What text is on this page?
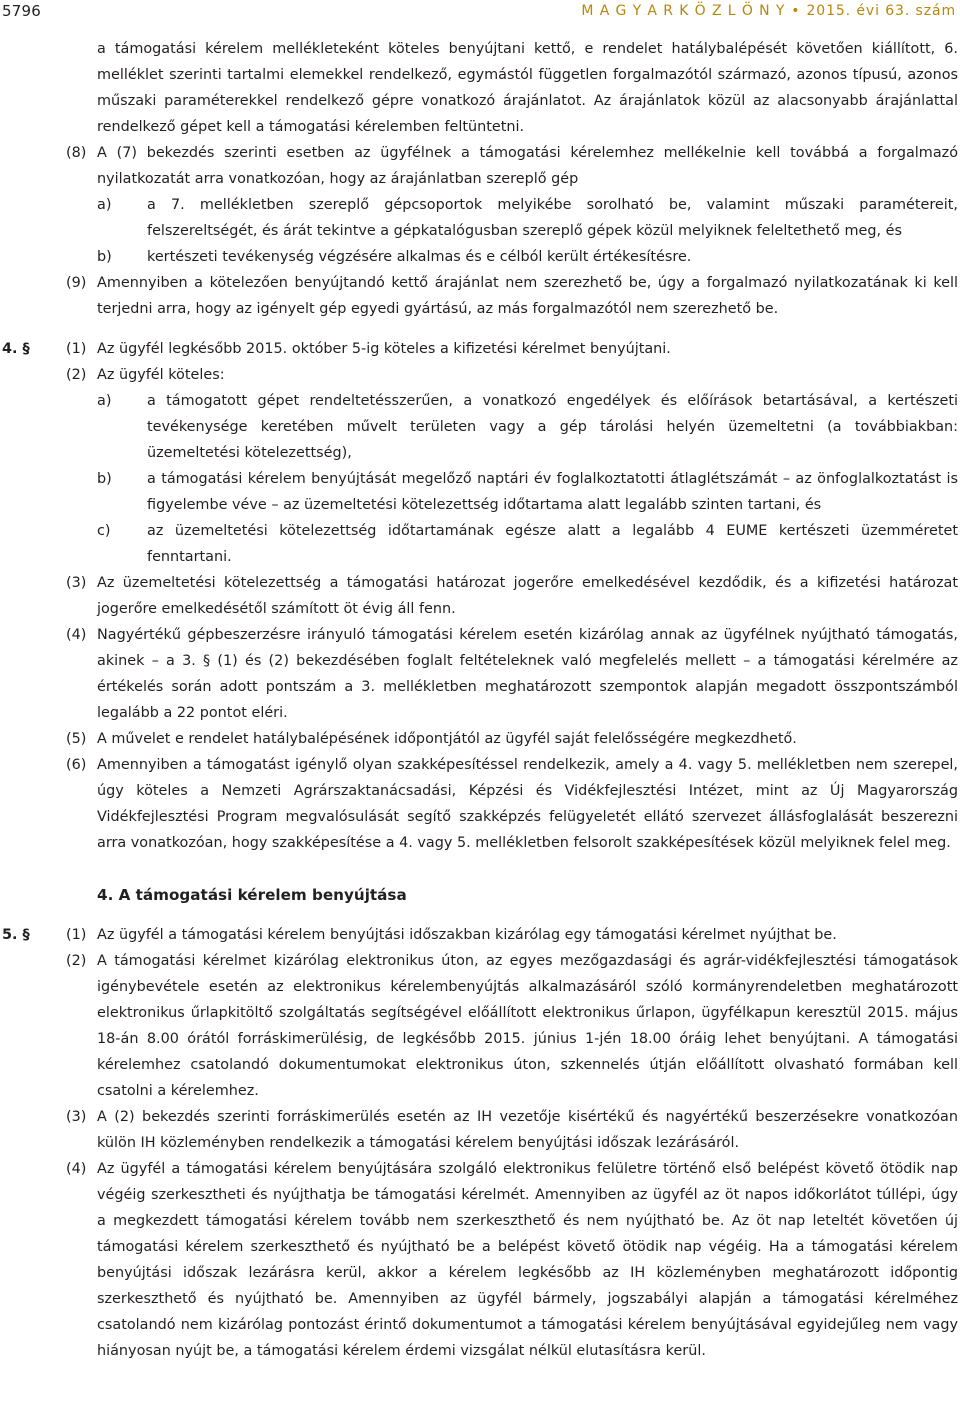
5796	M A G Y A R K Ö Z L Ö N Y • 2015. évi 63. szám
a támogatási kérelem mellékleteként köteles benyújtani kettő, e rendelet hatálybalépését követően kiállított, 6. melléklet szerinti tartalmi elemekkel rendelkező, egymástól független forgalmazótól származó, azonos típusú, azonos műszaki paraméterekkel rendelkező gépre vonatkozó árajánlatot. Az árajánlatok közül az alacsonyabb árajánlattal rendelkező gépet kell a támogatási kérelemben feltüntetni.
(8) A (7) bekezdés szerinti esetben az ügyfélnek a támogatási kérelemhez mellékelnie kell továbbá a forgalmazó nyilatkozatát arra vonatkozóan, hogy az árajánlatban szereplő gép
a) a 7. mellékletben szereplő gépcsoportok melyikébe sorolható be, valamint műszaki paramétereit, felszereltségét, és árát tekintve a gépkatalógusban szereplő gépek közül melyiknek feleltethető meg, és
b) kertészeti tevékenység végzésére alkalmas és e célból került értékesítésre.
(9) Amennyiben a kötelezően benyújtandó kettő árajánlat nem szerezhető be, úgy a forgalmazó nyilatkozatának ki kell terjedni arra, hogy az igényelt gép egyedi gyártású, az más forgalmazótól nem szerezhető be.
4. §	(1) Az ügyfél legkésőbb 2015. október 5-ig köteles a kifizetési kérelmet benyújtani.
(2) Az ügyfél köteles:
a) a támogatott gépet rendeltetésszerűen, a vonatkozó engedélyek és előírások betartásával, a kertészeti tevékenysége keretében művelt területen vagy a gép tárolási helyén üzemeltetni (a továbbiakban: üzemeltetési kötelezettség),
b) a támogatási kérelem benyújtását megelőző naptári év foglalkoztatotti átlaglétszámát – az önfoglalkoztatást is figyelembe véve – az üzemeltetési kötelezettség időtartama alatt legalább szinten tartani, és
c)	az üzemeltetési kötelezettség időtartamának egésze alatt a legalább 4 EUME kertészeti üzemméretet fenntartani.
(3) Az üzemeltetési kötelezettség a támogatási határozat jogerőre emelkedésével kezdődik, és a kifizetési határozat jogerőre emelkedésétől számított öt évig áll fenn.
(4) Nagyértékű gépbeszerzésre irányuló támogatási kérelem esetén kizárólag annak az ügyfélnek nyújtható támogatás, akinek – a 3. § (1) és (2) bekezdésében foglalt feltételeknek való megfelelés mellett – a támogatási kérelmére az értékelés során adott pontszám a 3. mellékletben meghatározott szempontok alapján megadott összpontszámból legalább a 22 pontot eléri.
(5) A művelet e rendelet hatálybalépésének időpontjától az ügyfél saját felelősségére megkezdhető.
(6) Amennyiben a támogatást igénylő olyan szakképesítéssel rendelkezik, amely a 4. vagy 5. mellékletben nem szerepel, úgy köteles a Nemzeti Agrárszaktanácsadási, Képzési és Vidékfejlesztési Intézet, mint az Új Magyarország Vidékfejlesztési Program megvalósulását segítő szakképzés felügyeletét ellátó szervezet állásfoglalását beszerezni arra vonatkozóan, hogy szakképesítése a 4. vagy 5. mellékletben felsorolt szakképesítések közül melyiknek felel meg.
4. A támogatási kérelem benyújtása
5. §	(1) Az ügyfél a támogatási kérelem benyújtási időszakban kizárólag egy támogatási kérelmet nyújthat be.
(2) A támogatási kérelmet kizárólag elektronikus úton, az egyes mezőgazdasági és agrár-vidékfejlesztési támogatások igénybevétele esetén az elektronikus kérelembenyújtás alkalmazásáról szóló kormányrendeletben meghatározott elektronikus űrlapkitöltő szolgáltatás segítségével előállított elektronikus űrlapon, ügyfélkapun keresztül 2015. május 18-án 8.00 órától forráskimerülésig, de legkésőbb 2015. június 1-jén 18.00 óráig lehet benyújtani. A támogatási kérelemhez csatolandó dokumentumokat elektronikus úton, szkennelés útján előállított olvasható formában kell csatolni a kérelemhez.
(3) A (2) bekezdés szerinti forráskimerülés esetén az IH vezetője kisértékű és nagyértékű beszerzésekre vonatkozóan külön IH közleményben rendelkezik a támogatási kérelem benyújtási időszak lezárásáról.
(4) Az ügyfél a támogatási kérelem benyújtására szolgáló elektronikus felületre történő első belépést követő ötödik nap végéig szerkesztheti és nyújthatja be támogatási kérelmét. Amennyiben az ügyfél az öt napos időkorlátot túllépi, úgy a megkezdett támogatási kérelem tovább nem szerkeszthető és nem nyújtható be. Az öt nap leteltét követően új támogatási kérelem szerkeszthető és nyújtható be a belépést követő ötödik nap végéig. Ha a támogatási kérelem benyújtási időszak lezárásra kerül, akkor a kérelem legkésőbb az IH közleményben meghatározott időpontig szerkeszthető és nyújtható be. Amennyiben az ügyfél bármely, jogszabályi alapján a támogatási kérelméhez csatolandó nem kizárólag pontozást érintő dokumentumot a támogatási kérelem benyújtásával egyidejűleg nem vagy hiányosan nyújt be, a támogatási kérelem érdemi vizsgálat nélkül elutasításra kerül.
